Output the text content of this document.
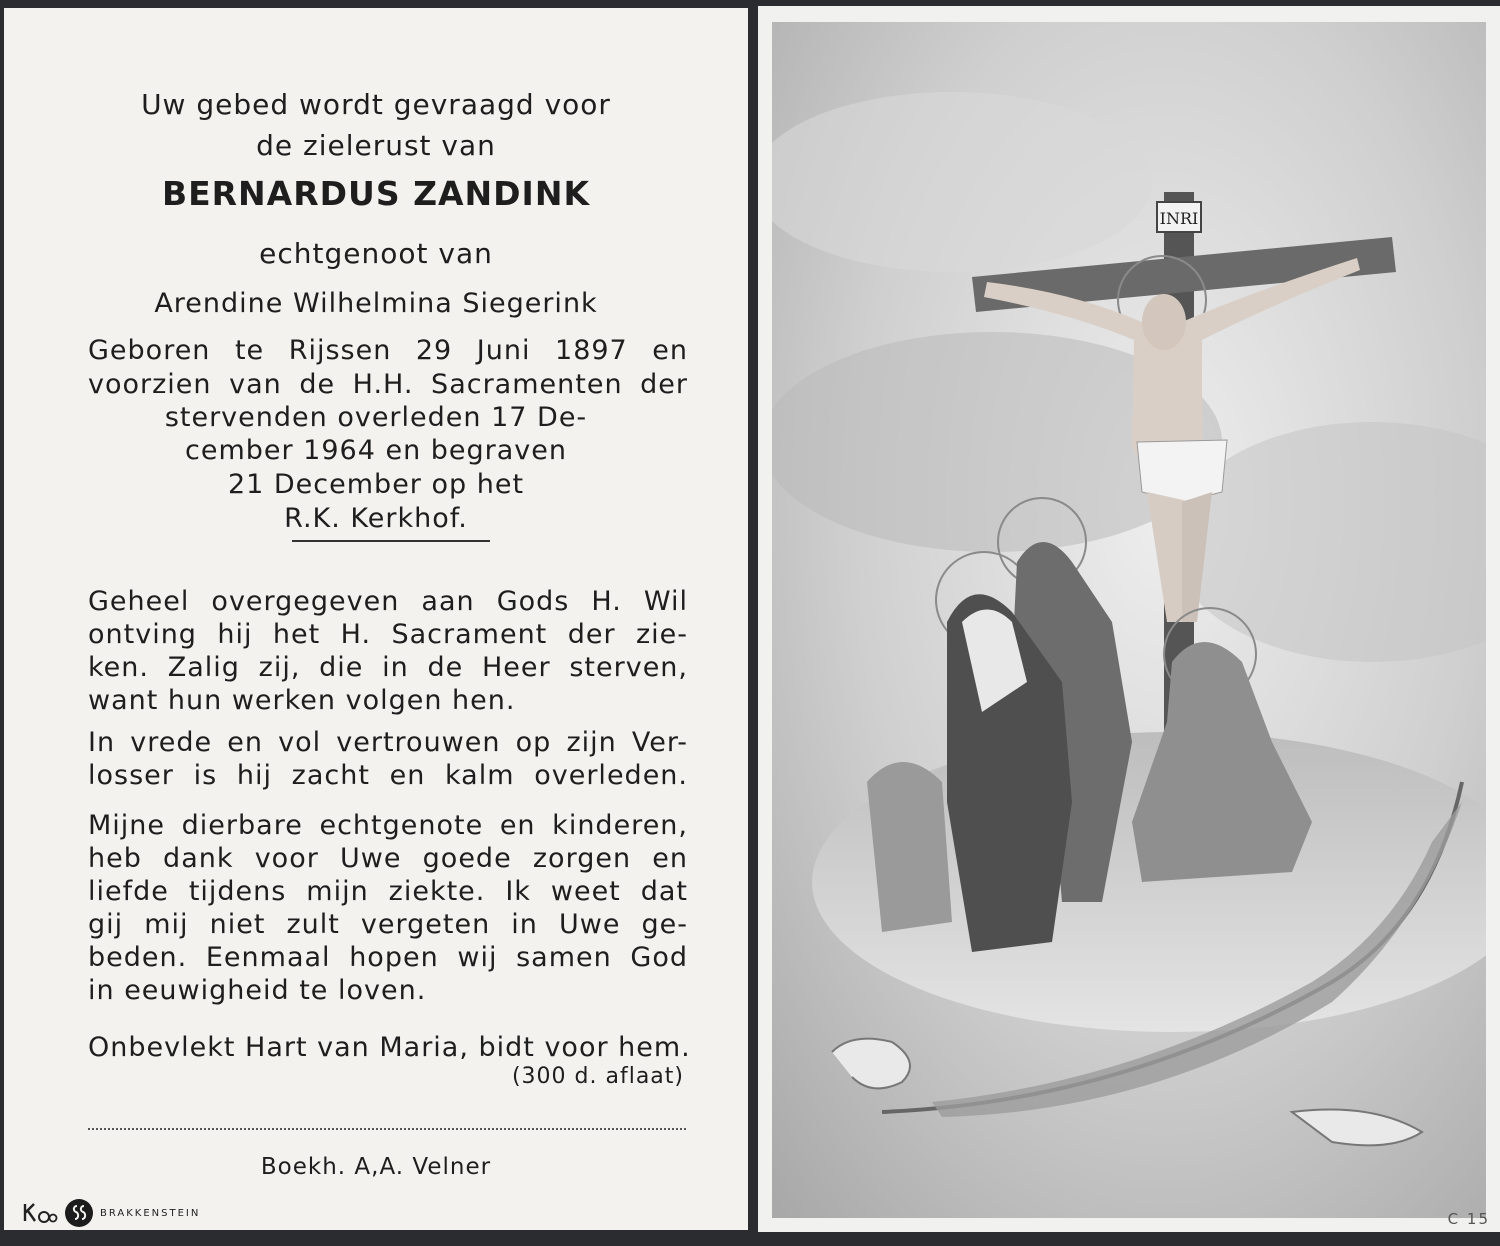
Uw gebed wordt gevraagd voor
de zielerust van
BERNARDUS ZANDINK
echtgenoot van
Arendine Wilhelmina Siegerink
Geboren te Rijssen 29 Juni 1897 en
voorzien van de H.H. Sacramenten der
stervenden overleden 17 De-
cember 1964 en begraven
21 December op het
R.K. Kerkhof.
Geheel overgegeven aan Gods H. Wil
ontving hij het H. Sacrament der zie-
ken. Zalig zij, die in de Heer sterven,
want hun werken volgen hen.
In vrede en vol vertrouwen op zijn Ver-
losser is hij zacht en kalm overleden.
Mijne dierbare echtgenote en kinderen,
heb dank voor Uwe goede zorgen en
liefde tijdens mijn ziekte. Ik weet dat
gij mij niet zult vergeten in Uwe ge-
beden. Eenmaal hopen wij samen God
in eeuwigheid te loven.
Onbevlekt Hart van Maria, bidt voor hem.
(300 d. aflaat)
Boekh. A,A. Velner
BRAKKENSTEIN
INRI
C 15
